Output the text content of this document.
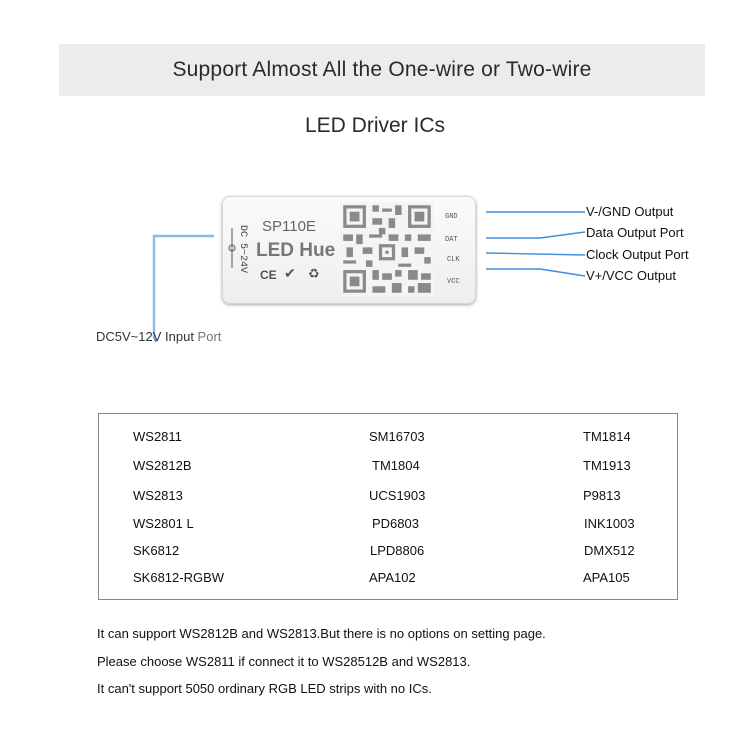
Support Almost All the One-wire or Two-wire
LED Driver ICs
DC 5~24V SP110E
LED Hue
CE ✔ ♻
GND
DAT
CLK
VCC
V-/GND Output
Data Output Port
Clock Output Port
V+/VCC Output
DC5V~12V Input Port
WS2811	SM16703	TM1814
WS2812B	TM1804	TM1913
WS2813	UCS1903	P9813
WS2801 L	PD6803	INK1003
SK6812	LPD8806	DMX512
SK6812-RGBW	APA102	APA105
It can support WS2812B and WS2813.But there is no options on setting page.
Please choose WS2811 if connect it to WS28512B and WS2813.
It can't support 5050 ordinary RGB LED strips with no ICs.
